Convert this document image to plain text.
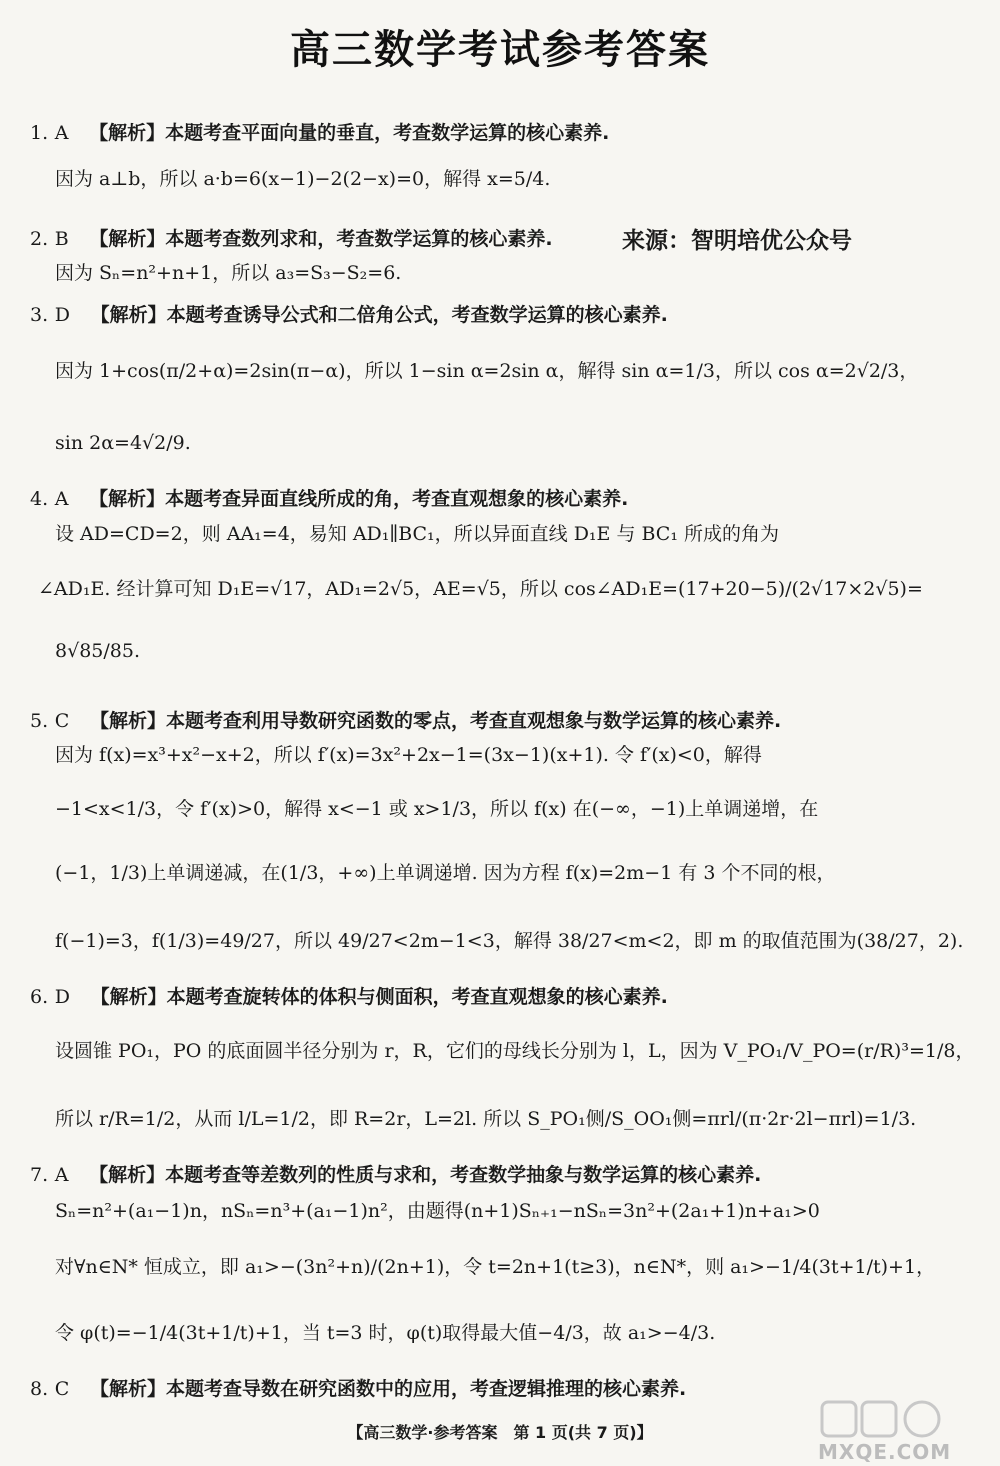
高三数学考试参考答案
1. A 【解析】本题考查平面向量的垂直，考查数学运算的核心素养.
因为 a⊥b，所以 a·b=6(x−1)−2(2−x)=0，解得 x=5/4.
2. B 【解析】本题考查数列求和，考查数学运算的核心素养.	来源：智明培优公众号
因为 Sₙ=n²+n+1，所以 a₃=S₃−S₂=6.
3. D 【解析】本题考查诱导公式和二倍角公式，考查数学运算的核心素养.
因为 1+cos(π/2+α)=2sin(π−α)，所以 1−sin α=2sin α，解得 sin α=1/3，所以 cos α=2√2/3，
sin 2α=4√2/9.
4. A 【解析】本题考查异面直线所成的角，考查直观想象的核心素养.
设 AD=CD=2，则 AA₁=4，易知 AD₁∥BC₁，所以异面直线 D₁E 与 BC₁ 所成的角为
∠AD₁E. 经计算可知 D₁E=√17，AD₁=2√5，AE=√5，所以 cos∠AD₁E=(17+20−5)/(2√17×2√5)=
8√85/85.
5. C 【解析】本题考查利用导数研究函数的零点，考查直观想象与数学运算的核心素养.
因为 f(x)=x³+x²−x+2，所以 f′(x)=3x²+2x−1=(3x−1)(x+1). 令 f′(x)<0，解得
−1<x<1/3，令 f′(x)>0，解得 x<−1 或 x>1/3，所以 f(x) 在(−∞，−1)上单调递增，在
(−1，1/3)上单调递减，在(1/3，+∞)上单调递增. 因为方程 f(x)=2m−1 有 3 个不同的根，
f(−1)=3，f(1/3)=49/27，所以 49/27<2m−1<3，解得 38/27<m<2，即 m 的取值范围为(38/27，2).
6. D 【解析】本题考查旋转体的体积与侧面积，考查直观想象的核心素养.
设圆锥 PO₁，PO 的底面圆半径分别为 r，R，它们的母线长分别为 l，L，因为 V_PO₁/V_PO=(r/R)³=1/8，
所以 r/R=1/2，从而 l/L=1/2，即 R=2r，L=2l. 所以 S_PO₁侧/S_OO₁侧=πrl/(π·2r·2l−πrl)=1/3.
7. A 【解析】本题考查等差数列的性质与求和，考查数学抽象与数学运算的核心素养.
Sₙ=n²+(a₁−1)n，nSₙ=n³+(a₁−1)n²，由题得(n+1)Sₙ₊₁−nSₙ=3n²+(2a₁+1)n+a₁>0
对∀n∈N* 恒成立，即 a₁>−(3n²+n)/(2n+1)，令 t=2n+1(t≥3)，n∈N*，则 a₁>−1/4(3t+1/t)+1，
令 φ(t)=−1/4(3t+1/t)+1，当 t=3 时，φ(t)取得最大值−4/3，故 a₁>−4/3.
8. C 【解析】本题考查导数在研究函数中的应用，考查逻辑推理的核心素养.
【高三数学·参考答案　第 1 页(共 7 页)】
MXQE.COM
